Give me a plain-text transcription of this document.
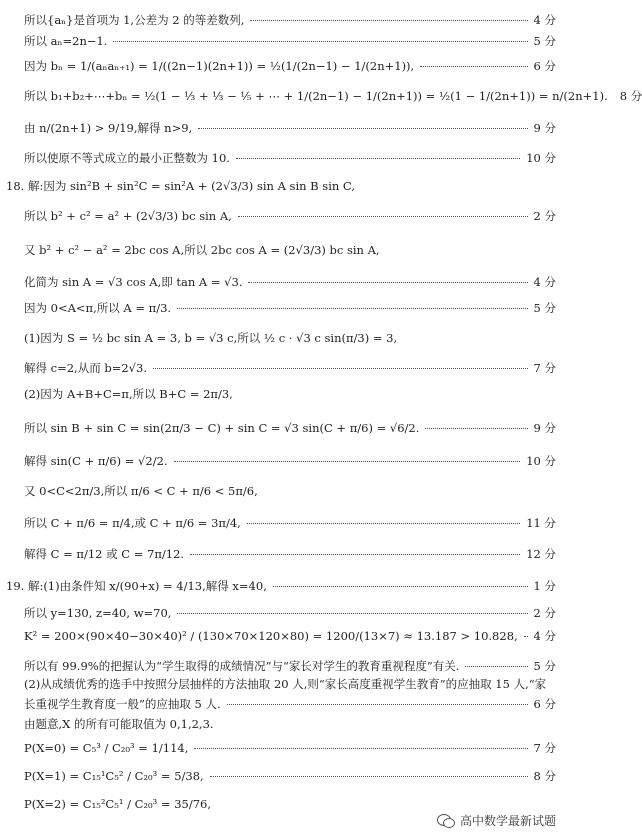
所以{aₙ}是首项为 1,公差为 2 的等差数列,	4 分
所以 aₙ=2n−1.	5 分
因为 bₙ = 1/(aₙaₙ₊₁) = 1/((2n−1)(2n+1)) = ½(1/(2n−1) − 1/(2n+1)),	6 分
所以 b₁+b₂+⋯+bₙ = ½(1 − ⅓ + ⅓ − ⅕ + ⋯ + 1/(2n−1) − 1/(2n+1)) = ½(1 − 1/(2n+1)) = n/(2n+1).	8 分
由 n/(2n+1) > 9/19,解得 n>9,	9 分
所以使原不等式成立的最小正整数为 10.	10 分
18. 解:因为 sin²B + sin²C = sin²A + (2√3/3) sin A sin B sin C,
所以 b² + c² = a² + (2√3/3) bc sin A,	2 分
又 b² + c² − a² = 2bc cos A,所以 2bc cos A = (2√3/3) bc sin A,
化简为 sin A = √3 cos A,即 tan A = √3.	4 分
因为 0<A<π,所以 A = π/3.	5 分
(1)因为 S = ½ bc sin A = 3, b = √3 c,所以 ½ c · √3 c sin(π/3) = 3,
解得 c=2,从而 b=2√3.	7 分
(2)因为 A+B+C=π,所以 B+C = 2π/3,
所以 sin B + sin C = sin(2π/3 − C) + sin C = √3 sin(C + π/6) = √6/2.	9 分
解得 sin(C + π/6) = √2/2.	10 分
又 0<C<2π/3,所以 π/6 < C + π/6 < 5π/6,
所以 C + π/6 = π/4,或 C + π/6 = 3π/4,	11 分
解得 C = π/12 或 C = 7π/12.	12 分
19. 解:(1)由条件知 x/(90+x) = 4/13,解得 x=40,	1 分
所以 y=130, z=40, w=70,	2 分
K² = 200×(90×40−30×40)² / (130×70×120×80) = 1200/(13×7) ≈ 13.187 > 10.828,	4 分
所以有 99.9%的把握认为“学生取得的成绩情况”与“家长对学生的教育重视程度”有关.	5 分
(2)从成绩优秀的选手中按照分层抽样的方法抽取 20 人,则“家长高度重视学生教育”的应抽取 15 人,“家
长重视学生教育度一般”的应抽取 5 人.	6 分
由题意,X 的所有可能取值为 0,1,2,3.
P(X=0) = C₅³ / C₂₀³ = 1/114,	7 分
P(X=1) = C₁₅¹C₅² / C₂₀³ = 5/38,	8 分
P(X=2) = C₁₅²C₅¹ / C₂₀³ = 35/76,
高中数学最新试题
